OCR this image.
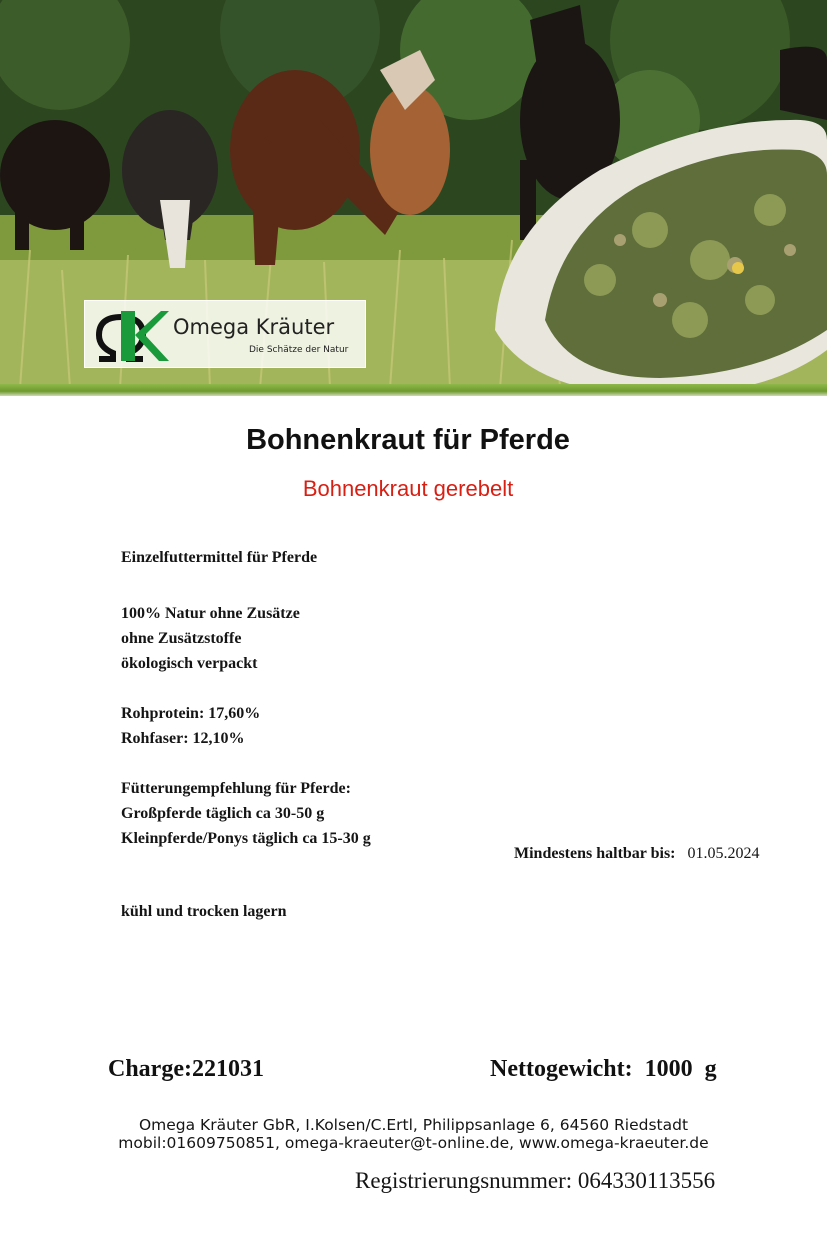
Omega Kräuter
Die Schätze der Natur
Bohnenkraut für Pferde
Bohnenkraut gerebelt
Einzelfuttermittel für Pferde
100% Natur ohne Zusätze
ohne Zusätzstoffe
ökologisch verpackt
Rohprotein: 17,60%
Rohfaser: 12,10%
Fütterungempfehlung für Pferde:
Großpferde täglich ca 30-50 g
Kleinpferde/Ponys täglich ca 15-30 g
Mindestens haltbar bis: 01.05.2024
kühl und trocken lagern
Charge:221031	Nettogewicht:  1000  g
Omega Kräuter GbR, I.Kolsen/C.Ertl, Philippsanlage 6, 64560 Riedstadt
mobil:01609750851, omega-kraeuter@t-online.de, www.omega-kraeuter.de
Registrierungsnummer: 064330113556
